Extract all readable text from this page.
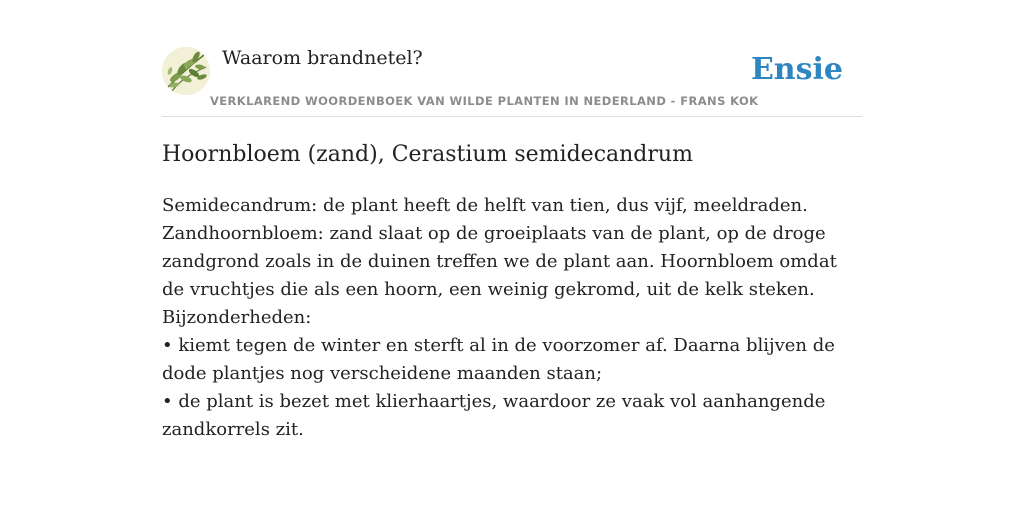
Waarom brandnetel?
VERKLAREND WOORDENBOEK VAN WILDE PLANTEN IN NEDERLAND - FRANS KOK
Ensie
Hoornbloem (zand), Cerastium semidecandrum

Semidecandrum: de plant heeft de helft van tien, dus vijf, meeldraden.

Zandhoornbloem: zand slaat op de groeiplaats van de plant, op de droge zandgrond zoals in de duinen treffen we de plant aan. Hoornbloem omdat de vruchtjes die als een hoorn, een weinig gekromd, uit de kelk steken.

Bijzonderheden:

• kiemt tegen de winter en sterft al in de voorzomer af. Daarna blijven de dode plantjes nog verscheidene maanden staan;

• de plant is bezet met klierhaartjes, waardoor ze vaak vol aanhangende zandkorrels zit.
